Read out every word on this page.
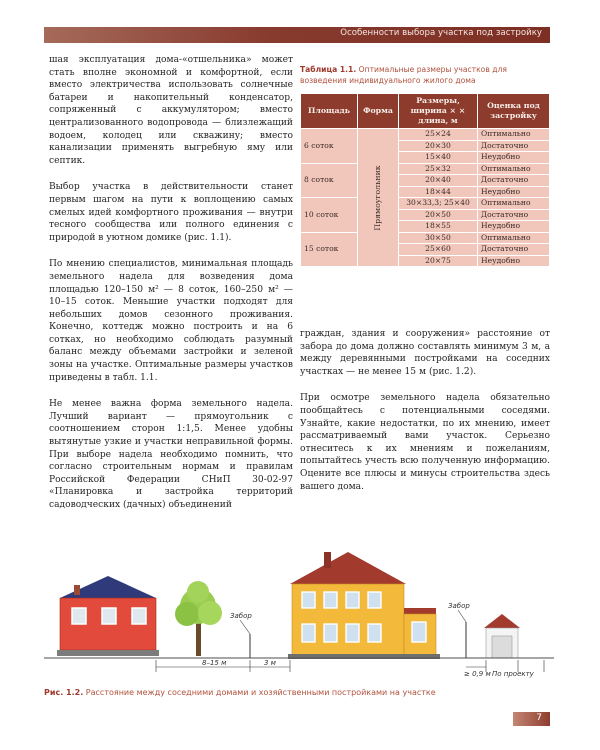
Особенности выбора участка под застройку

шая эксплуатация дома-«отшельника» может стать вполне экономной и комфортной, если вместо электричества использовать солнечные батареи и накопительный конденсатор, сопряженный с аккумулятором; вместо централизованного водопровода — близлежащий водоем, колодец или скважину; вместо канализации применять выгребную яму или септик.

Выбор участка в действительности станет первым шагом на пути к воплощению самых смелых идей комфортного проживания — внутри тесного сообщества или полного единения с природой в уютном домике (рис. 1.1).

По мнению специалистов, минимальная площадь земельного надела для возведения дома площадью 120–150 м² — 8 соток, 160–250 м² — 10–15 соток. Меньшие участки подходят для небольших домов сезонного проживания. Конечно, коттедж можно построить и на 6 сотках, но необходимо соблюдать разумный баланс между объемами застройки и зеленой зоны на участке. Оптимальные размеры участков приведены в табл. 1.1.

Не менее важна форма земельного надела. Лучший вариант — прямоугольник с соотношением сторон 1:1,5. Менее удобны вытянутые узкие и участки неправильной формы. При выборе надела необходимо помнить, что согласно строительным нормам и правилам Российской Федерации СНиП 30-02-97 «Планировка и застройка территорий садоводческих (дачных) объединений

Таблица 1.1. Оптимальные размеры участков для возведения индивидуального жилого дома
Площадь	Форма	Размеры, ширина × × длина, м	Оценка под застройку
6 соток	Прямоугольник	25×24	Оптимально
		20×30	Достаточно
		15×40	Неудобно
8 соток		25×32	Оптимально
		20×40	Достаточно
		18×44	Неудобно
10 соток		30×33,3; 25×40	Оптимально
		20×50	Достаточно
		18×55	Неудобно
15 соток		30×50	Оптимально
		25×60	Достаточно
		20×75	Неудобно

граждан, здания и сооружения» расстояние от забора до дома должно составлять минимум 3 м, а между деревянными постройками на соседних участках — не менее 15 м (рис. 1.2).

При осмотре земельного надела обязательно пообщайтесь с потенциальными соседями. Узнайте, какие недостатки, по их мнению, имеет рассматриваемый вами участок. Серьезно отнеситесь к их мнениям и пожеланиям, попытайтесь учесть всю полученную информацию. Оцените все плюсы и минусы строительства здесь вашего дома.

Забор
Забор
8–15 м	3 м
≥ 0,9 м По проекту
Рис. 1.2. Расстояние между соседними домами и хозяйственными постройками на участке
7
